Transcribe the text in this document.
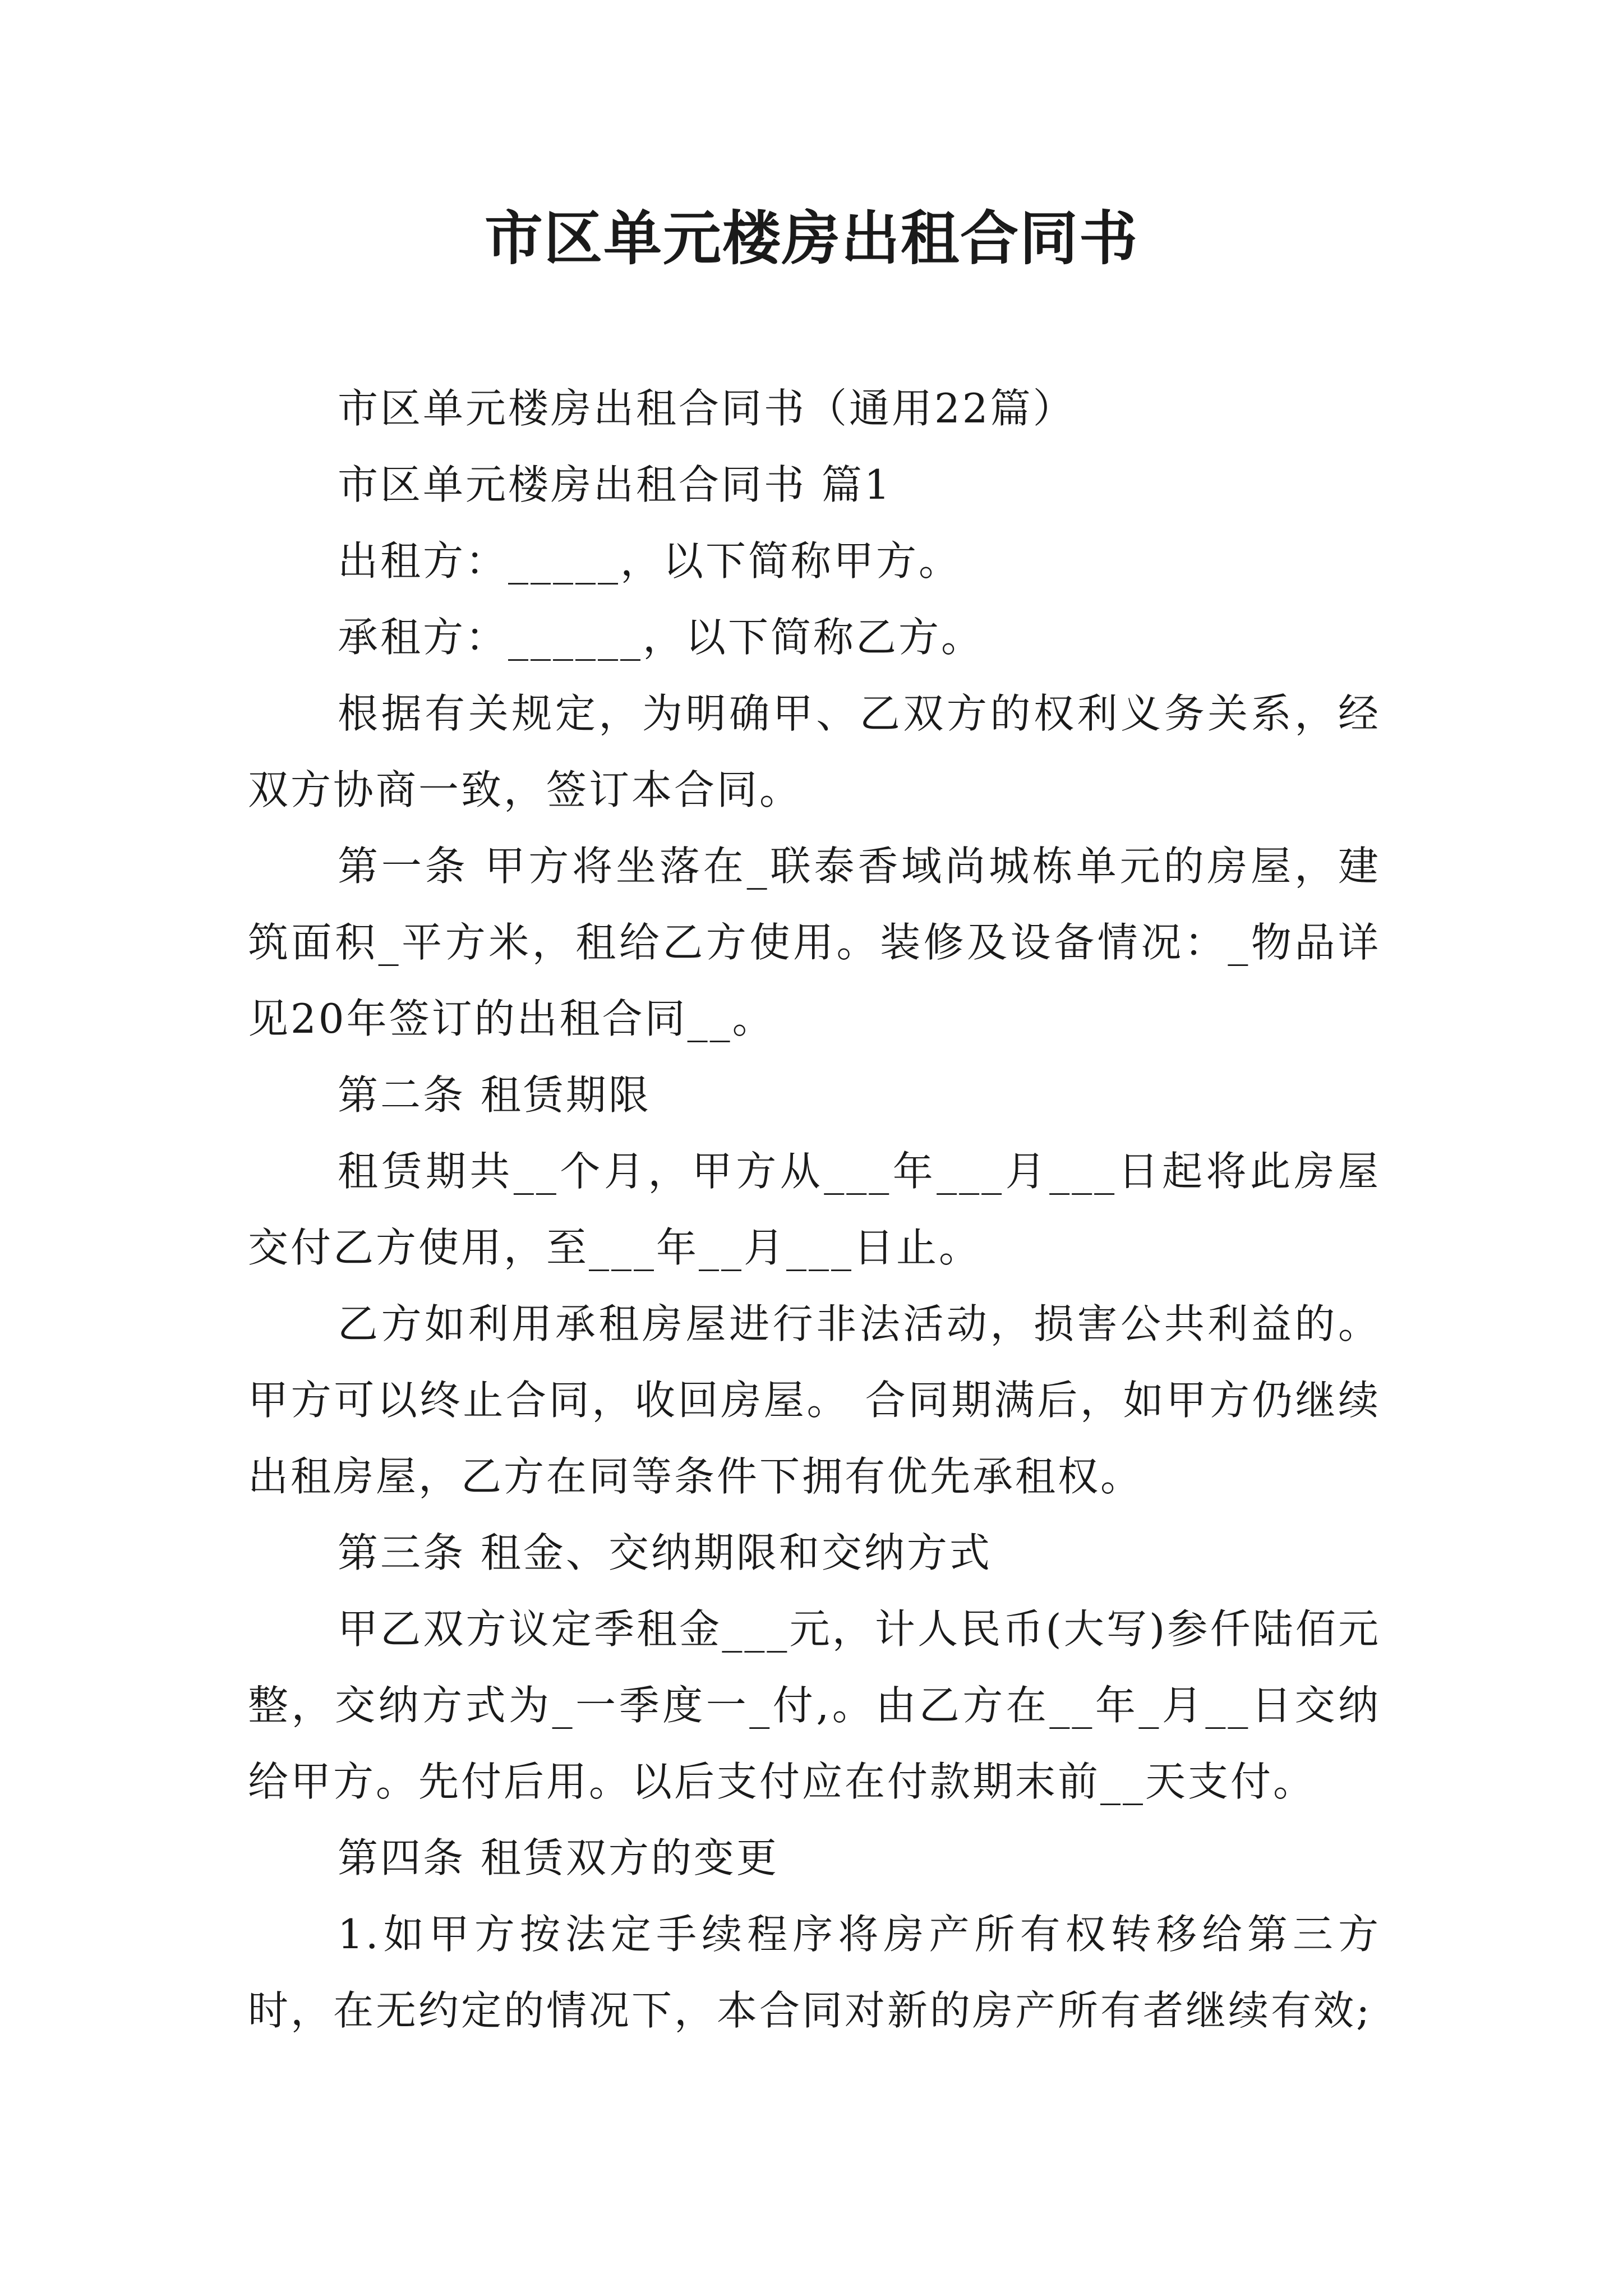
市区单元楼房出租合同书

市区单元楼房出租合同书（通用22篇）

市区单元楼房出租合同书 篇1

出租方：_____，以下简称甲方。

承租方：______，以下简称乙方。

根据有关规定，为明确甲、乙双方的权利义务关系，经双方协商一致，签订本合同。

第一条 甲方将坐落在_联泰香域尚城栋单元的房屋，建筑面积_平方米，租给乙方使用。装修及设备情况：_物品详见20年签订的出租合同__。

第二条 租赁期限

租赁期共__个月，甲方从___年___月___日起将此房屋交付乙方使用，至___年__月___日止。

乙方如利用承租房屋进行非法活动，损害公共利益的。甲方可以终止合同，收回房屋。 合同期满后，如甲方仍继续出租房屋，乙方在同等条件下拥有优先承租权。

第三条 租金、交纳期限和交纳方式

甲乙双方议定季租金___元，计人民币(大写)参仟陆佰元整，交纳方式为_一季度一_付,。由乙方在__年_月__日交纳给甲方。先付后用。以后支付应在付款期末前__天支付。

第四条 租赁双方的变更

1.如甲方按法定手续程序将房产所有权转移给第三方时，在无约定的情况下，本合同对新的房产所有者继续有效;
